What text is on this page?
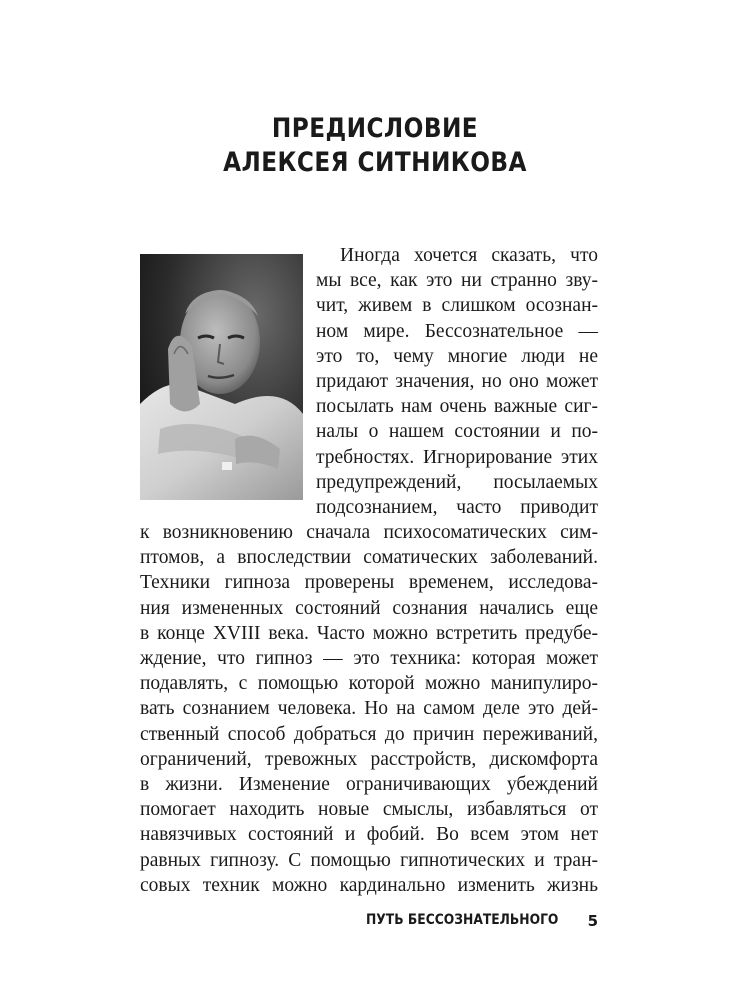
ПРЕДИСЛОВИЕ
АЛЕКСЕЯ СИТНИКОВА
Иногда хочется сказать, что
мы все, как это ни странно зву-
чит, живем в слишком осознан-
ном мире. Бессознательное —
это то, чему многие люди не
придают значения, но оно может
посылать нам очень важные сиг-
налы о нашем состоянии и по-
требностях. Игнорирование этих
предупреждений, посылаемых
подсознанием, часто приводит
к возникновению сначала психосоматических сим-
птомов, а впоследствии соматических заболеваний.
Техники гипноза проверены временем, исследова-
ния измененных состояний сознания начались еще
в конце XVIII века. Часто можно встретить предубе-
ждение, что гипноз — это техника: которая может
подавлять, с помощью которой можно манипулиро-
вать сознанием человека. Но на самом деле это дей-
ственный способ добраться до причин переживаний,
ограничений, тревожных расстройств, дискомфорта
в жизни. Изменение ограничивающих убеждений
помогает находить новые смыслы, избавляться от
навязчивых состояний и фобий. Во всем этом нет
равных гипнозу. С помощью гипнотических и тран-
совых техник можно кардинально изменить жизнь
ПУТЬ БЕССОЗНАТЕЛЬНОГО 5
